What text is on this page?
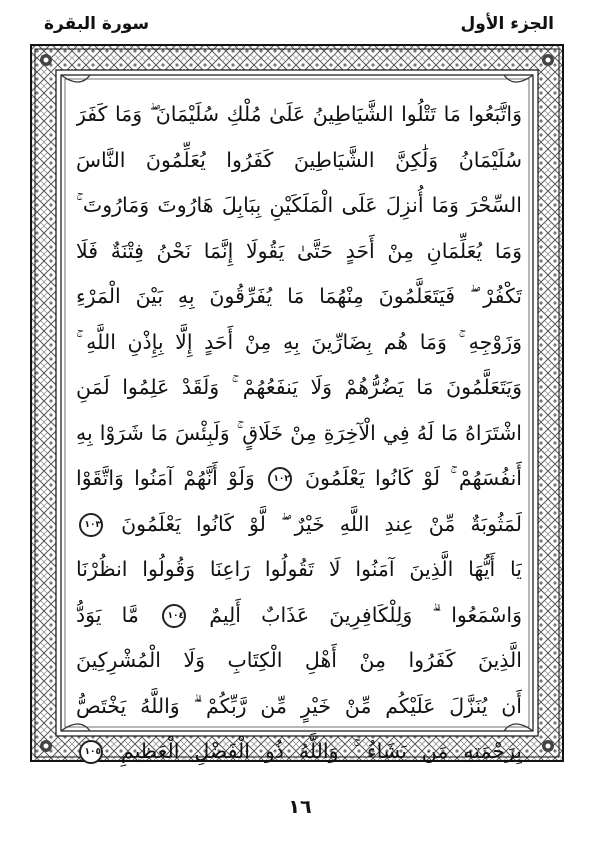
الجزء الأول
سورة البقرة
وَاتَّبَعُوا مَا تَتْلُوا الشَّيَاطِينُ عَلَىٰ مُلْكِ سُلَيْمَانَ ۖ وَمَا كَفَرَ
سُلَيْمَانُ وَلَٰكِنَّ الشَّيَاطِينَ كَفَرُوا يُعَلِّمُونَ النَّاسَ
السِّحْرَ وَمَا أُنزِلَ عَلَى الْمَلَكَيْنِ بِبَابِلَ هَارُوتَ وَمَارُوتَ ۚ
وَمَا يُعَلِّمَانِ مِنْ أَحَدٍ حَتَّىٰ يَقُولَا إِنَّمَا نَحْنُ فِتْنَةٌ فَلَا
تَكْفُرْ ۖ فَيَتَعَلَّمُونَ مِنْهُمَا مَا يُفَرِّقُونَ بِهِ بَيْنَ الْمَرْءِ
وَزَوْجِهِ ۚ وَمَا هُم بِضَارِّينَ بِهِ مِنْ أَحَدٍ إِلَّا بِإِذْنِ اللَّهِ ۚ
وَيَتَعَلَّمُونَ مَا يَضُرُّهُمْ وَلَا يَنفَعُهُمْ ۚ وَلَقَدْ عَلِمُوا لَمَنِ
اشْتَرَاهُ مَا لَهُ فِي الْآخِرَةِ مِنْ خَلَاقٍ ۚ وَلَبِئْسَ مَا شَرَوْا بِهِ
أَنفُسَهُمْ ۚ لَوْ كَانُوا يَعْلَمُونَ ١٠٢ وَلَوْ أَنَّهُمْ آمَنُوا وَاتَّقَوْا
لَمَثُوبَةٌ مِّنْ عِندِ اللَّهِ خَيْرٌ ۖ لَّوْ كَانُوا يَعْلَمُونَ ١٠٣
يَا أَيُّهَا الَّذِينَ آمَنُوا لَا تَقُولُوا رَاعِنَا وَقُولُوا انظُرْنَا
وَاسْمَعُوا ۗ وَلِلْكَافِرِينَ عَذَابٌ أَلِيمٌ ١٠٤ مَّا يَوَدُّ
الَّذِينَ كَفَرُوا مِنْ أَهْلِ الْكِتَابِ وَلَا الْمُشْرِكِينَ
أَن يُنَزَّلَ عَلَيْكُم مِّنْ خَيْرٍ مِّن رَّبِّكُمْ ۗ وَاللَّهُ يَخْتَصُّ
بِرَحْمَتِهِ مَن يَشَاءُ ۚ وَاللَّهُ ذُو الْفَضْلِ الْعَظِيمِ ١٠٥
١٦
